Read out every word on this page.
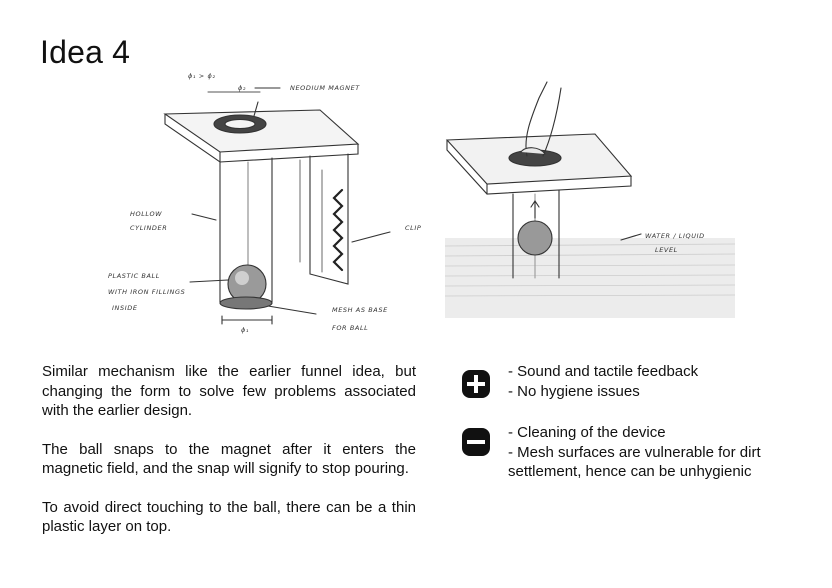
Idea 4
ɸ₁ > ɸ₂
ɸ₂	NEODIUM MAGNET
HOLLOW
CYLINDER	CLIP
PLASTIC BALL
WITH IRON FILLINGS
INSIDE	MESH AS BASE
FOR BALL
ɸ₁
WATER / LIQUID
LEVEL

Similar mechanism like the earlier funnel idea, but changing the form to solve few problems associated with the earlier design.

The ball snaps to the magnet after it enters the magnetic field, and the snap will signify to stop pouring.

To avoid direct touching to the ball, there can be a thin plastic layer on top.

- Sound and tactile feedback
- No hygiene issues
- Cleaning of the device
- Mesh surfaces are vulnerable for dirt settlement, hence can be unhygienic
